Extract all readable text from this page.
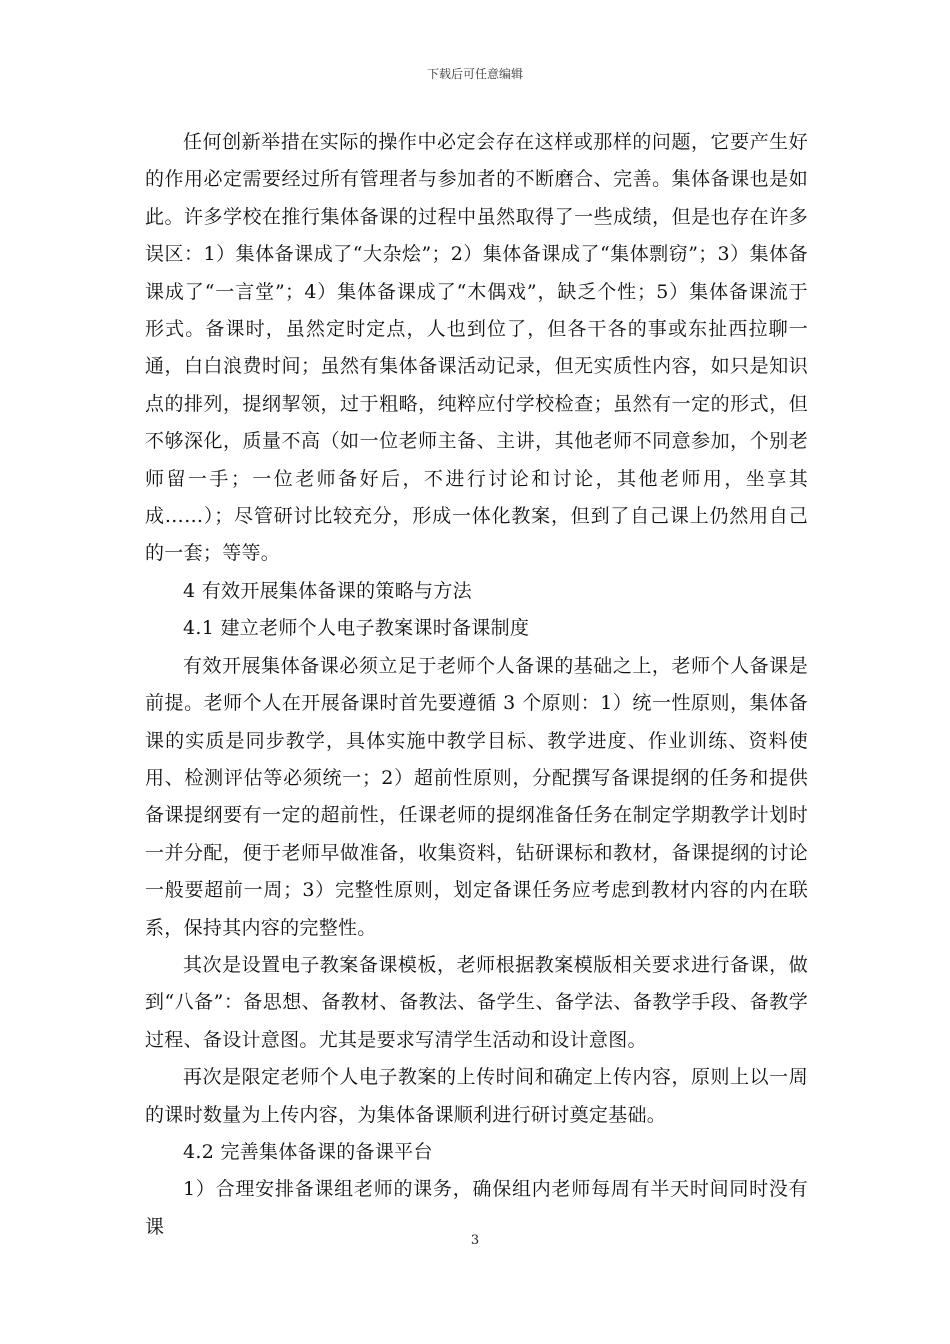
下载后可任意编辑

任何创新举措在实际的操作中必定会存在这样或那样的问题，它要产生好的作用必定需要经过所有管理者与参加者的不断磨合、完善。集体备课也是如此。许多学校在推行集体备课的过程中虽然取得了一些成绩，但是也存在许多误区：1）集体备课成了“大杂烩”；2）集体备课成了“集体剽窃”；3）集体备课成了“一言堂”；4）集体备课成了“木偶戏”，缺乏个性；5）集体备课流于形式。备课时，虽然定时定点，人也到位了，但各干各的事或东扯西拉聊一通，白白浪费时间；虽然有集体备课活动记录，但无实质性内容，如只是知识点的排列，提纲挈领，过于粗略，纯粹应付学校检查；虽然有一定的形式，但不够深化，质量不高（如一位老师主备、主讲，其他老师不同意参加，个别老师留一手；一位老师备好后，不进行讨论和讨论，其他老师用，坐享其成……）；尽管研讨比较充分，形成一体化教案，但到了自己课上仍然用自己的一套；等等。

4 有效开展集体备课的策略与方法

4.1 建立老师个人电子教案课时备课制度

有效开展集体备课必须立足于老师个人备课的基础之上，老师个人备课是前提。老师个人在开展备课时首先要遵循 3 个原则：1）统一性原则，集体备课的实质是同步教学，具体实施中教学目标、教学进度、作业训练、资料使用、检测评估等必须统一；2）超前性原则，分配撰写备课提纲的任务和提供备课提纲要有一定的超前性，任课老师的提纲准备任务在制定学期教学计划时一并分配，便于老师早做准备，收集资料，钻研课标和教材，备课提纲的讨论一般要超前一周；3）完整性原则，划定备课任务应考虑到教材内容的内在联系，保持其内容的完整性。

其次是设置电子教案备课模板，老师根据教案模版相关要求进行备课，做到“八备”：备思想、备教材、备教法、备学生、备学法、备教学手段、备教学过程、备设计意图。尤其是要求写清学生活动和设计意图。

再次是限定老师个人电子教案的上传时间和确定上传内容，原则上以一周的课时数量为上传内容，为集体备课顺利进行研讨奠定基础。

4.2 完善集体备课的备课平台

1）合理安排备课组老师的课务，确保组内老师每周有半天时间同时没有课

3
